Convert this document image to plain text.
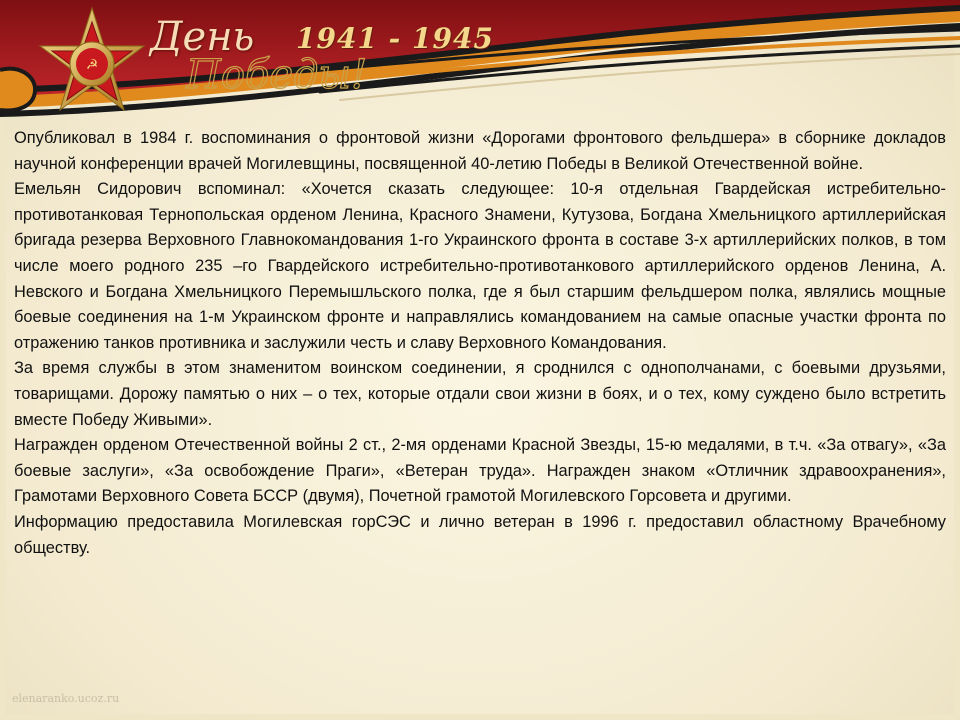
☭
День
Победы!
1941 - 1945

Опубликовал в 1984 г. воспоминания о фронтовой жизни «Дорогами фронтового фельдшера» в сборнике докладов научной конференции врачей Могилевщины, посвященной 40-летию Победы в Великой Отечественной войне.

Емельян Сидорович вспоминал: «Хочется сказать следующее: 10-я отдельная Гвардейская истребительно-противотанковая Тернопольская орденом Ленина, Красного Знамени, Кутузова, Богдана Хмельницкого артиллерийская бригада резерва Верховного Главнокомандования 1-го Украинского фронта в составе 3-х артиллерийских полков, в том числе моего родного 235 –го Гвардейского истребительно-противотанкового артиллерийского орденов Ленина, А. Невского и Богдана Хмельницкого Перемышльского полка, где я был старшим фельдшером полка, являлись мощные боевые соединения на 1-м Украинском фронте и направлялись командованием на самые опасные участки фронта по отражению танков противника и заслужили честь и славу Верховного Командования.

За время службы в этом знаменитом воинском соединении, я сроднился с однополчанами, с боевыми друзьями, товарищами. Дорожу памятью о них – о тех, которые отдали свои жизни в боях, и о тех, кому суждено было встретить вместе Победу Живыми».

Награжден орденом Отечественной войны 2 ст., 2-мя орденами Красной Звезды, 15-ю медалями, в т.ч. «За отвагу», «За боевые заслуги», «За освобождение Праги», «Ветеран труда». Награжден знаком «Отличник здравоохранения», Грамотами Верховного Совета БССР (двумя), Почетной грамотой Могилевского Горсовета и другими.

Информацию предоставила Могилевская горСЭС и лично ветеран в 1996 г. предоставил областному Врачебному обществу.

elenaranko.ucoz.ru
